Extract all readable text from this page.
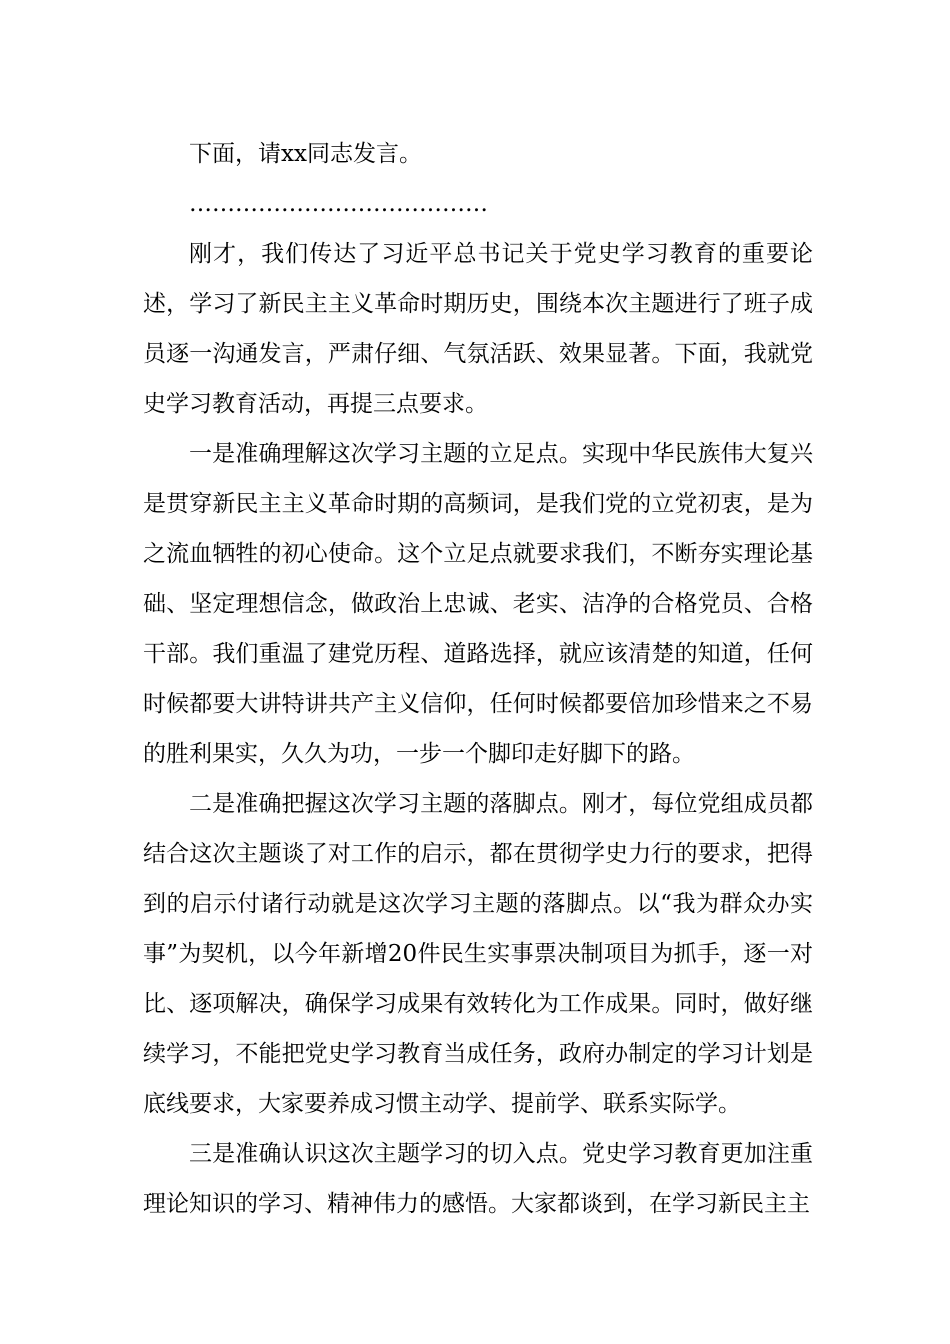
下面，请xx同志发言。

…………………………………

刚才，我们传达了习近平总书记关于党史学习教育的重要论述，学习了新民主主义革命时期历史，围绕本次主题进行了班子成员逐一沟通发言，严肃仔细、气氛活跃、效果显著。下面，我就党史学习教育活动，再提三点要求。

一是准确理解这次学习主题的立足点。实现中华民族伟大复兴是贯穿新民主主义革命时期的高频词，是我们党的立党初衷，是为之流血牺牲的初心使命。这个立足点就要求我们，不断夯实理论基础、坚定理想信念，做政治上忠诚、老实、洁净的合格党员、合格干部。我们重温了建党历程、道路选择，就应该清楚的知道，任何时候都要大讲特讲共产主义信仰，任何时候都要倍加珍惜来之不易的胜利果实，久久为功，一步一个脚印走好脚下的路。

二是准确把握这次学习主题的落脚点。刚才，每位党组成员都结合这次主题谈了对工作的启示，都在贯彻学史力行的要求，把得到的启示付诸行动就是这次学习主题的落脚点。以“我为群众办实事”为契机，以今年新增20件民生实事票决制项目为抓手，逐一对比、逐项解决，确保学习成果有效转化为工作成果。同时，做好继续学习，不能把党史学习教育当成任务，政府办制定的学习计划是底线要求，大家要养成习惯主动学、提前学、联系实际学。

三是准确认识这次主题学习的切入点。党史学习教育更加注重理论知识的学习、精神伟力的感悟。大家都谈到，在学习新民主主
